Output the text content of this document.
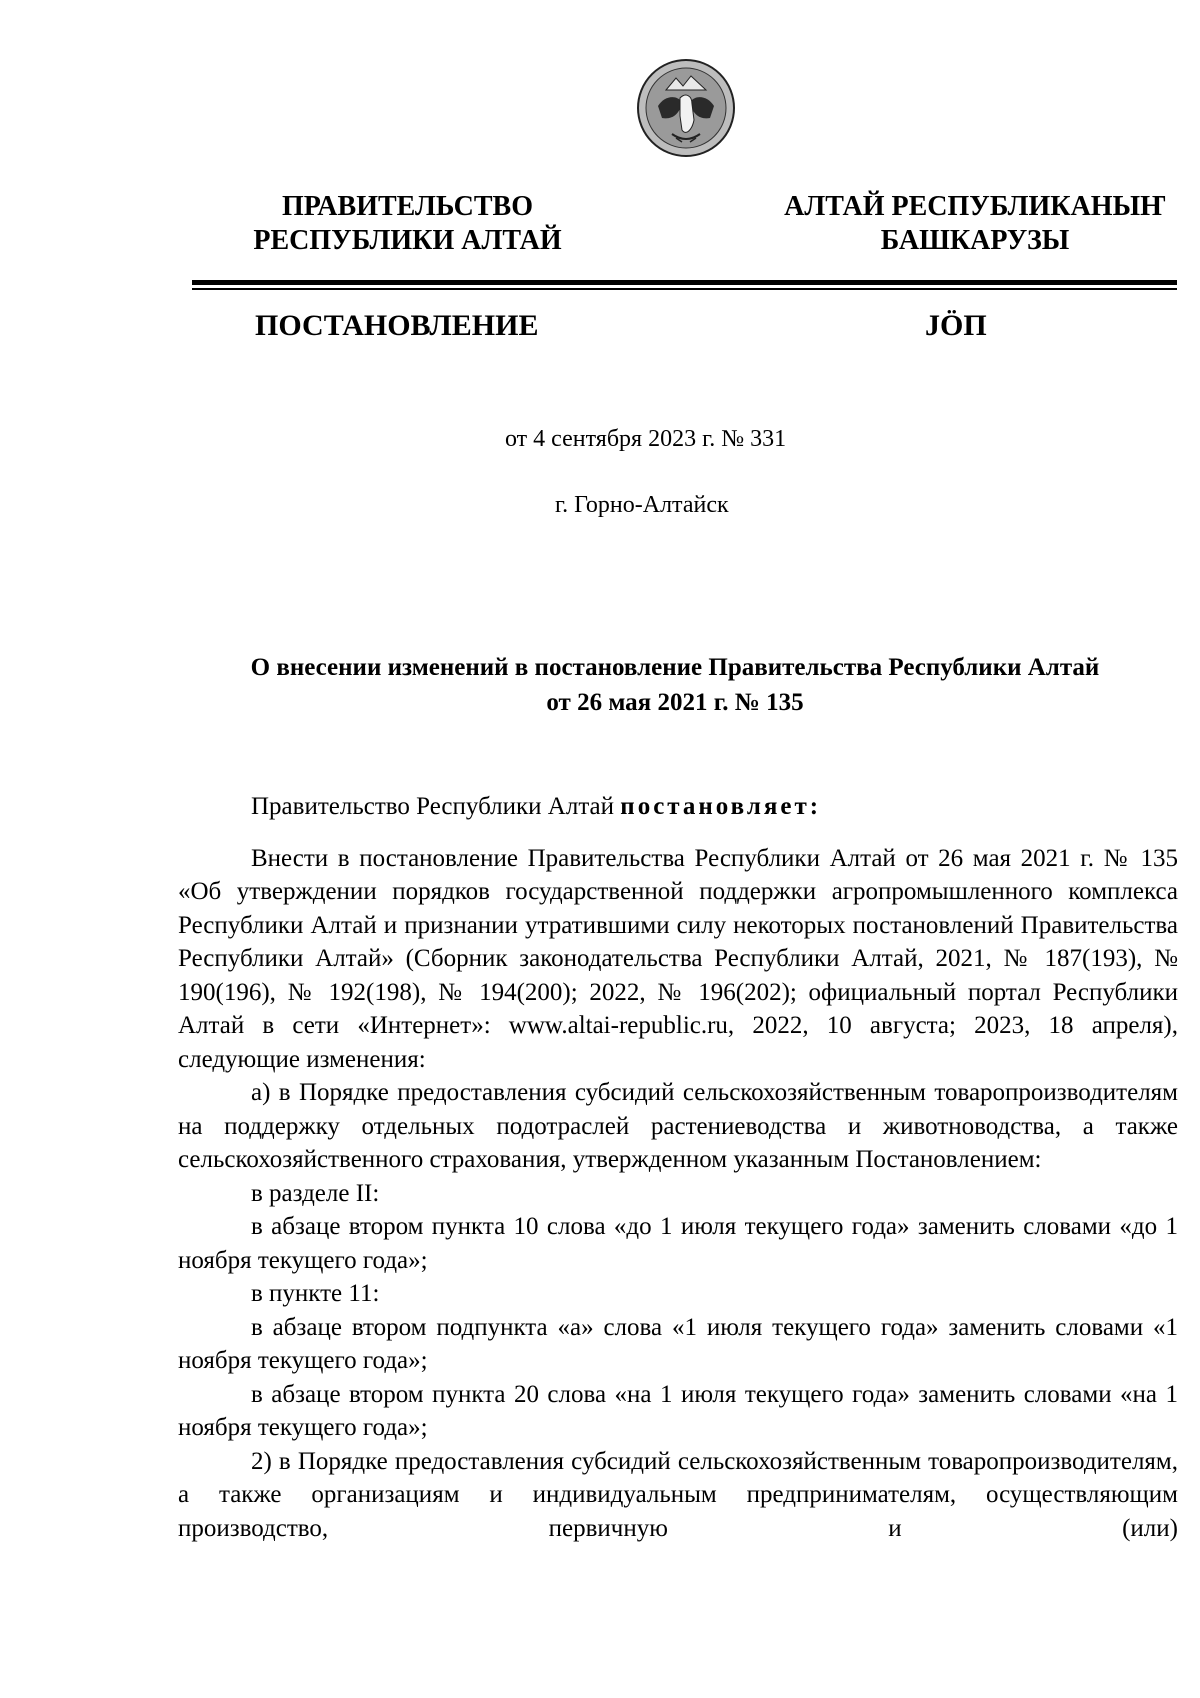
ПРАВИТЕЛЬСТВО
РЕСПУБЛИКИ АЛТАЙ
АЛТАЙ РЕСПУБЛИКАНЫҤ
БАШКАРУЗЫ
ПОСТАНОВЛЕНИЕ	JÖП
от 4 сентября 2023 г. № 331
г. Горно-Алтайск
О внесении изменений в постановление Правительства Республики Алтай
от 26 мая 2021 г. № 135
Правительство Республики Алтай постановляет:
Внести в постановление Правительства Республики Алтай от 26 мая 2021 г. № 135 «Об утверждении порядков государственной поддержки агропромышленного комплекса Республики Алтай и признании утратившими силу некоторых постановлений Правительства Республики Алтай» (Сборник законодательства Республики Алтай, 2021, № 187(193), № 190(196), № 192(198), № 194(200); 2022, № 196(202); официальный портал Республики Алтай в сети «Интернет»: www.altai-republic.ru, 2022, 10 августа; 2023, 18 апреля), следующие изменения:
а) в Порядке предоставления субсидий сельскохозяйственным товаропроизводителям на поддержку отдельных подотраслей растениеводства и животноводства, а также сельскохозяйственного страхования, утвержденном указанным Постановлением:
в разделе II:
в абзаце втором пункта 10 слова «до 1 июля текущего года» заменить словами «до 1 ноября текущего года»;
в пункте 11:
в абзаце втором подпункта «а» слова «1 июля текущего года» заменить словами «1 ноября текущего года»;
в абзаце втором пункта 20 слова «на 1 июля текущего года» заменить словами «на 1 ноября текущего года»;
2) в Порядке предоставления субсидий сельскохозяйственным товаропроизводителям, а также организациям и индивидуальным предпринимателям, осуществляющим производство, первичную и (или)
